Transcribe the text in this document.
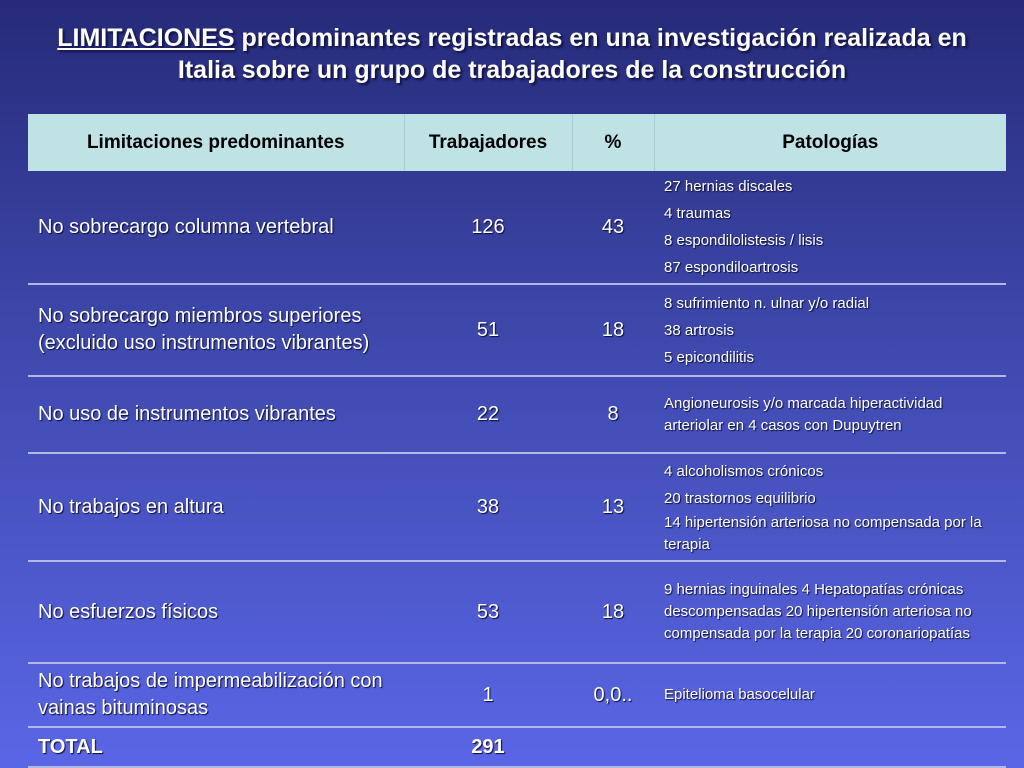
LIMITACIONES predominantes registradas en una investigación realizada en
Italia sobre un grupo de trabajadores de la construcción
Limitaciones predominantes	Trabajadores	%	Patologías
No sobrecargo columna vertebral	126	43	27 hernias discales
4 traumas
8 espondilolistesis / lisis
87 espondiloartrosis

No sobrecargo miembros superiores (excluido uso instrumentos vibrantes)	51	18	8 sufrimiento n. ulnar y/o radial
38 artrosis
5 epicondilitis

No uso de instrumentos vibrantes	22	8	Angioneurosis y/o marcada hiperactividad arteriolar en 4 casos con Dupuytren

No trabajos en altura	38	13	4 alcoholismos crónicos
20 trastornos equilibrio
14 hipertensión arteriosa no compensada por la terapia

No esfuerzos físicos	53	18	9 hernias inguinales 4 Hepatopatías crónicas descompensadas 20 hipertensión arteriosa no compensada por la terapia 20 coronariopatías

No trabajos de impermeabilización con vainas bituminosas	1	0,0..	Epitelioma basocelular

TOTAL	291		
